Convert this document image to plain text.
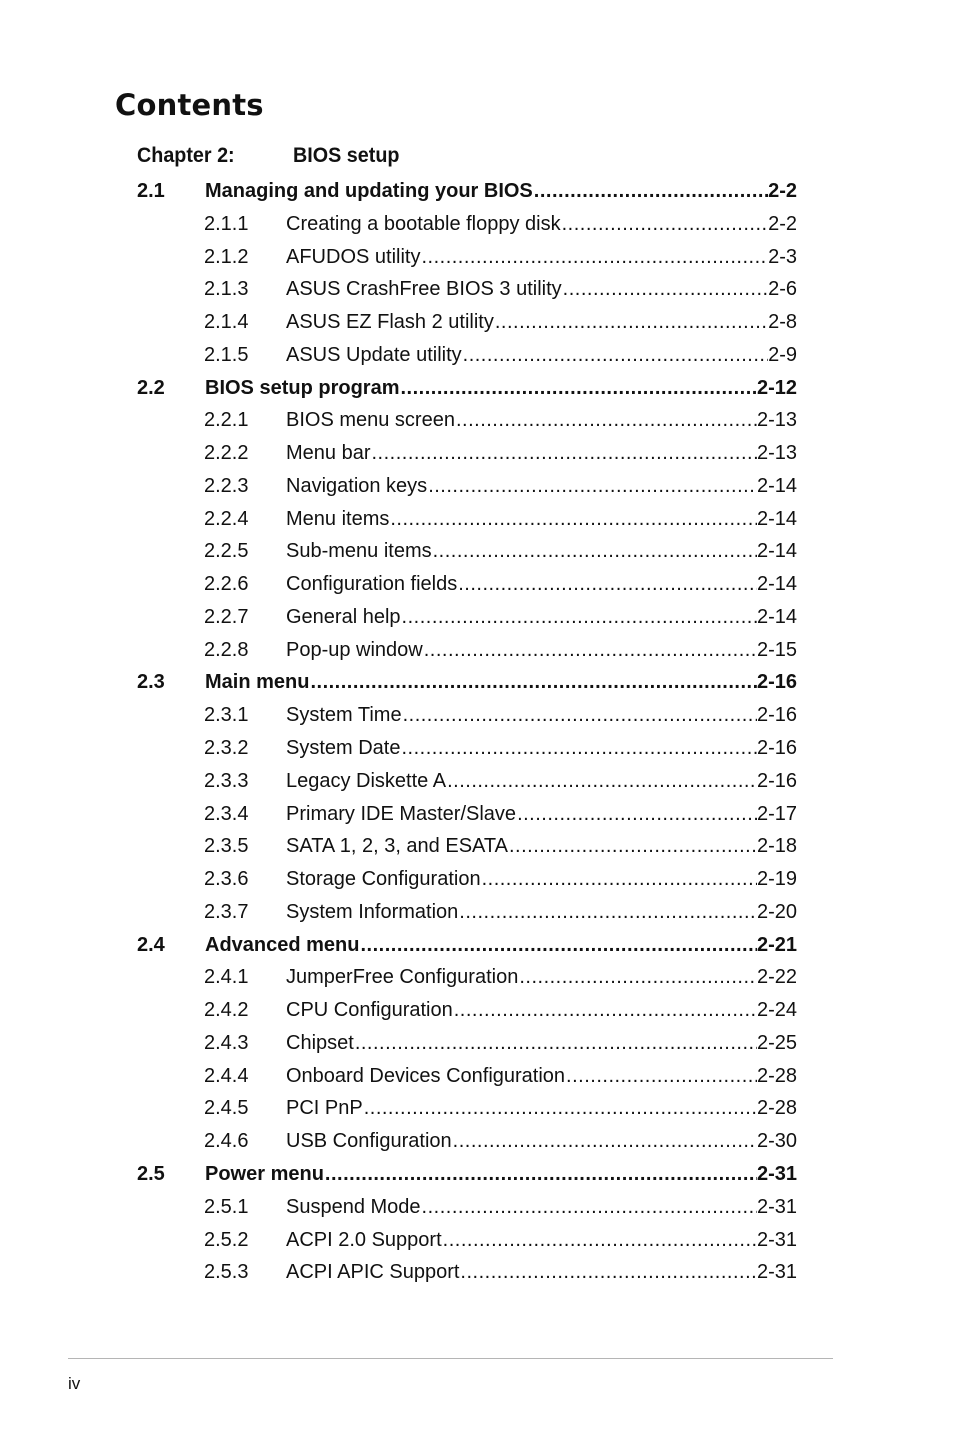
Contents
Chapter 2:	BIOS setup
2.1 Managing and updating your BIOS .....	2-2
2.1.1 Creating a bootable floppy disk .....	2-2
2.1.2 AFUDOS utility .....	2-3
2.1.3 ASUS CrashFree BIOS 3 utility .....	2-6
2.1.4 ASUS EZ Flash 2 utility .....	2-8
2.1.5 ASUS Update utility .....	2-9
2.2 BIOS setup program .....	2-12
2.2.1 BIOS menu screen .....	2-13
2.2.2 Menu bar .....	2-13
2.2.3 Navigation keys .....	2-14
2.2.4 Menu items .....	2-14
2.2.5 Sub-menu items .....	2-14
2.2.6 Configuration fields .....	2-14
2.2.7 General help .....	2-14
2.2.8 Pop-up window .....	2-15
2.3 Main menu .....	2-16
2.3.1 System Time .....	2-16
2.3.2 System Date .....	2-16
2.3.3 Legacy Diskette A .....	2-16
2.3.4 Primary IDE Master/Slave .....	2-17
2.3.5 SATA 1, 2, 3, and ESATA .....	2-18
2.3.6 Storage Configuration .....	2-19
2.3.7 System Information .....	2-20
2.4 Advanced menu .....	2-21
2.4.1 JumperFree Configuration .....	2-22
2.4.2 CPU Configuration .....	2-24
2.4.3 Chipset .....	2-25
2.4.4 Onboard Devices Configuration .....	2-28
2.4.5 PCI PnP .....	2-28
2.4.6 USB Configuration .....	2-30
2.5 Power menu .....	2-31
2.5.1 Suspend Mode .....	2-31
2.5.2 ACPI 2.0 Support .....	2-31
2.5.3 ACPI APIC Support .....	2-31
iv
